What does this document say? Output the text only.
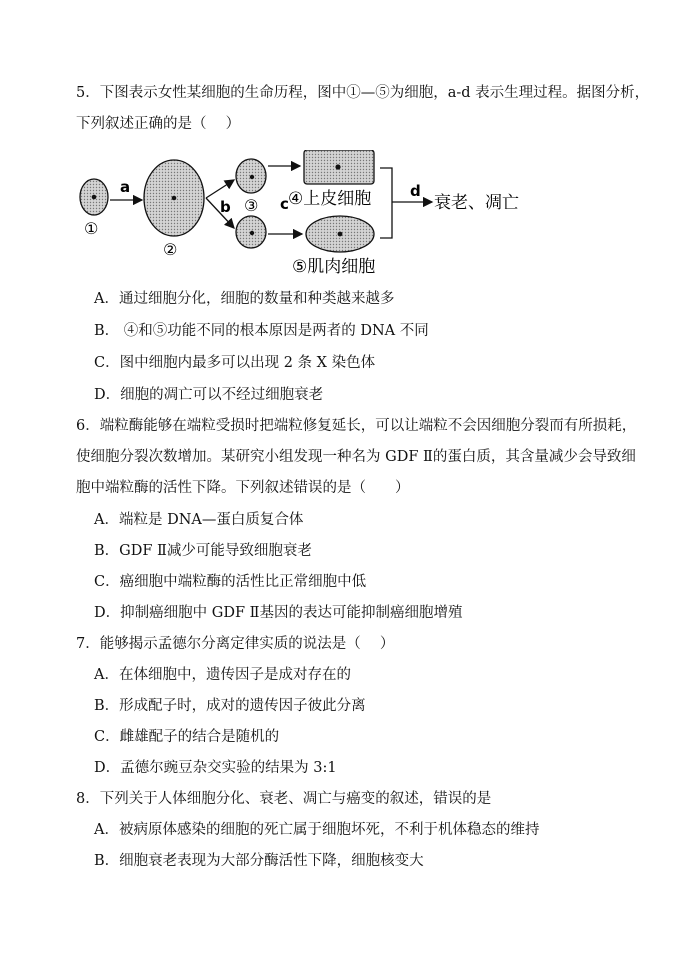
5．下图表示女性某细胞的生命历程，图中①—⑤为细胞，a-d 表示生理过程。据图分析，
下列叙述正确的是（　 ）
①
a
②
b ③ c ④上皮细胞
⑤肌肉细胞
d
衰老、凋亡
A．通过细胞分化，细胞的数量和种类越来越多
B． ④和⑤功能不同的根本原因是两者的 DNA 不同
C．图中细胞内最多可以出现 2 条 X 染色体
D．细胞的凋亡可以不经过细胞衰老
6．端粒酶能够在端粒受损时把端粒修复延长，可以让端粒不会因细胞分裂而有所损耗，
使细胞分裂次数增加。某研究小组发现一种名为 GDF Ⅱ的蛋白质，其含量减少会导致细
胞中端粒酶的活性下降。下列叙述错误的是（　　）
A．端粒是 DNA—蛋白质复合体
B．GDF Ⅱ减少可能导致细胞衰老
C．癌细胞中端粒酶的活性比正常细胞中低
D．抑制癌细胞中 GDF Ⅱ基因的表达可能抑制癌细胞增殖
7．能够揭示孟德尔分离定律实质的说法是（　 ）
A．在体细胞中，遗传因子是成对存在的
B．形成配子时，成对的遗传因子彼此分离
C．雌雄配子的结合是随机的
D．孟德尔豌豆杂交实验的结果为 3:1
8．下列关于人体细胞分化、衰老、凋亡与癌变的叙述，错误的是
A．被病原体感染的细胞的死亡属于细胞坏死，不利于机体稳态的维持
B．细胞衰老表现为大部分酶活性下降，细胞核变大
